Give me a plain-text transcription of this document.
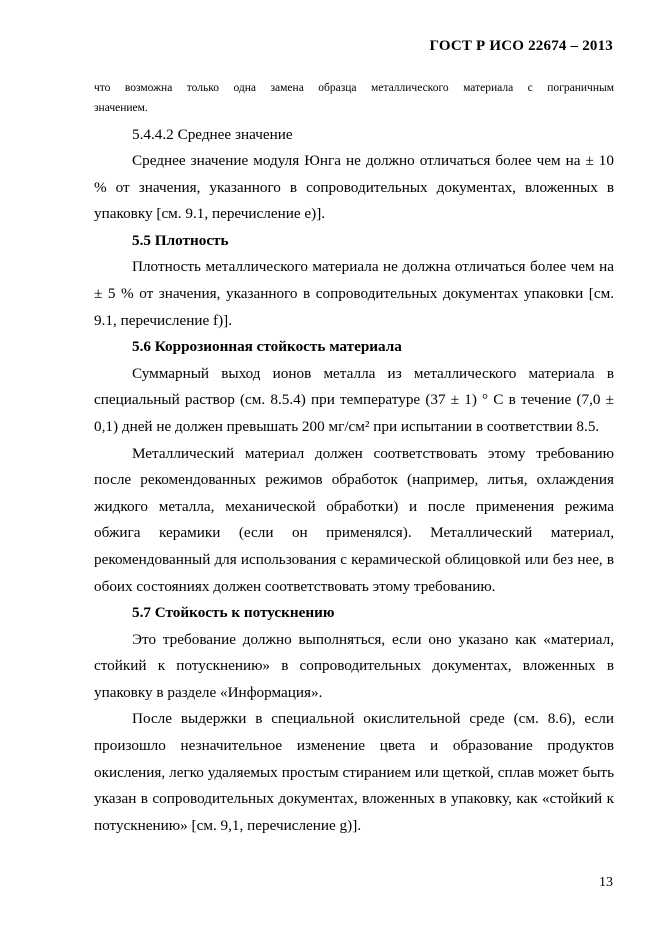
ГОСТ Р ИСО 22674 – 2013
что возможна только одна замена образца металлического материала с пограничным
значением.

5.4.4.2 Среднее значение

Среднее значение модуля Юнга не должно отличаться более чем на ± 10 % от значения, указанного в сопроводительных документах, вложенных в упаковку [см. 9.1, перечисление е)].

5.5 Плотность

Плотность металлического материала не должна отличаться более чем на ± 5 % от значения, указанного в сопроводительных документах упаковки [см. 9.1, перечисление f)].

5.6 Коррозионная стойкость материала

Суммарный выход ионов металла из металлического материала в специальный раствор (см. 8.5.4) при температуре (37 ± 1) ° С в течение (7,0 ± 0,1) дней не должен превышать 200 мг/см² при испытании в соответствии 8.5.

Металлический материал должен соответствовать этому требованию после рекомендованных режимов обработок (например, литья, охлаждения жидкого металла, механической обработки) и после применения режима обжига керамики (если он применялся). Металлический материал, рекомендованный для использования с керамической облицовкой или без нее, в обоих состояниях должен соответствовать этому требованию.

5.7 Стойкость к потускнению

Это требование должно выполняться, если оно указано как «материал, стойкий к потускнению» в сопроводительных документах, вложенных в упаковку в разделе «Информация».

После выдержки в специальной окислительной среде (см. 8.6), если произошло незначительное изменение цвета и образование продуктов окисления, легко удаляемых простым стиранием или щеткой, сплав может быть указан в сопроводительных документах, вложенных в упаковку, как «стойкий к потускнению» [см. 9,1, перечисление g)].

13
